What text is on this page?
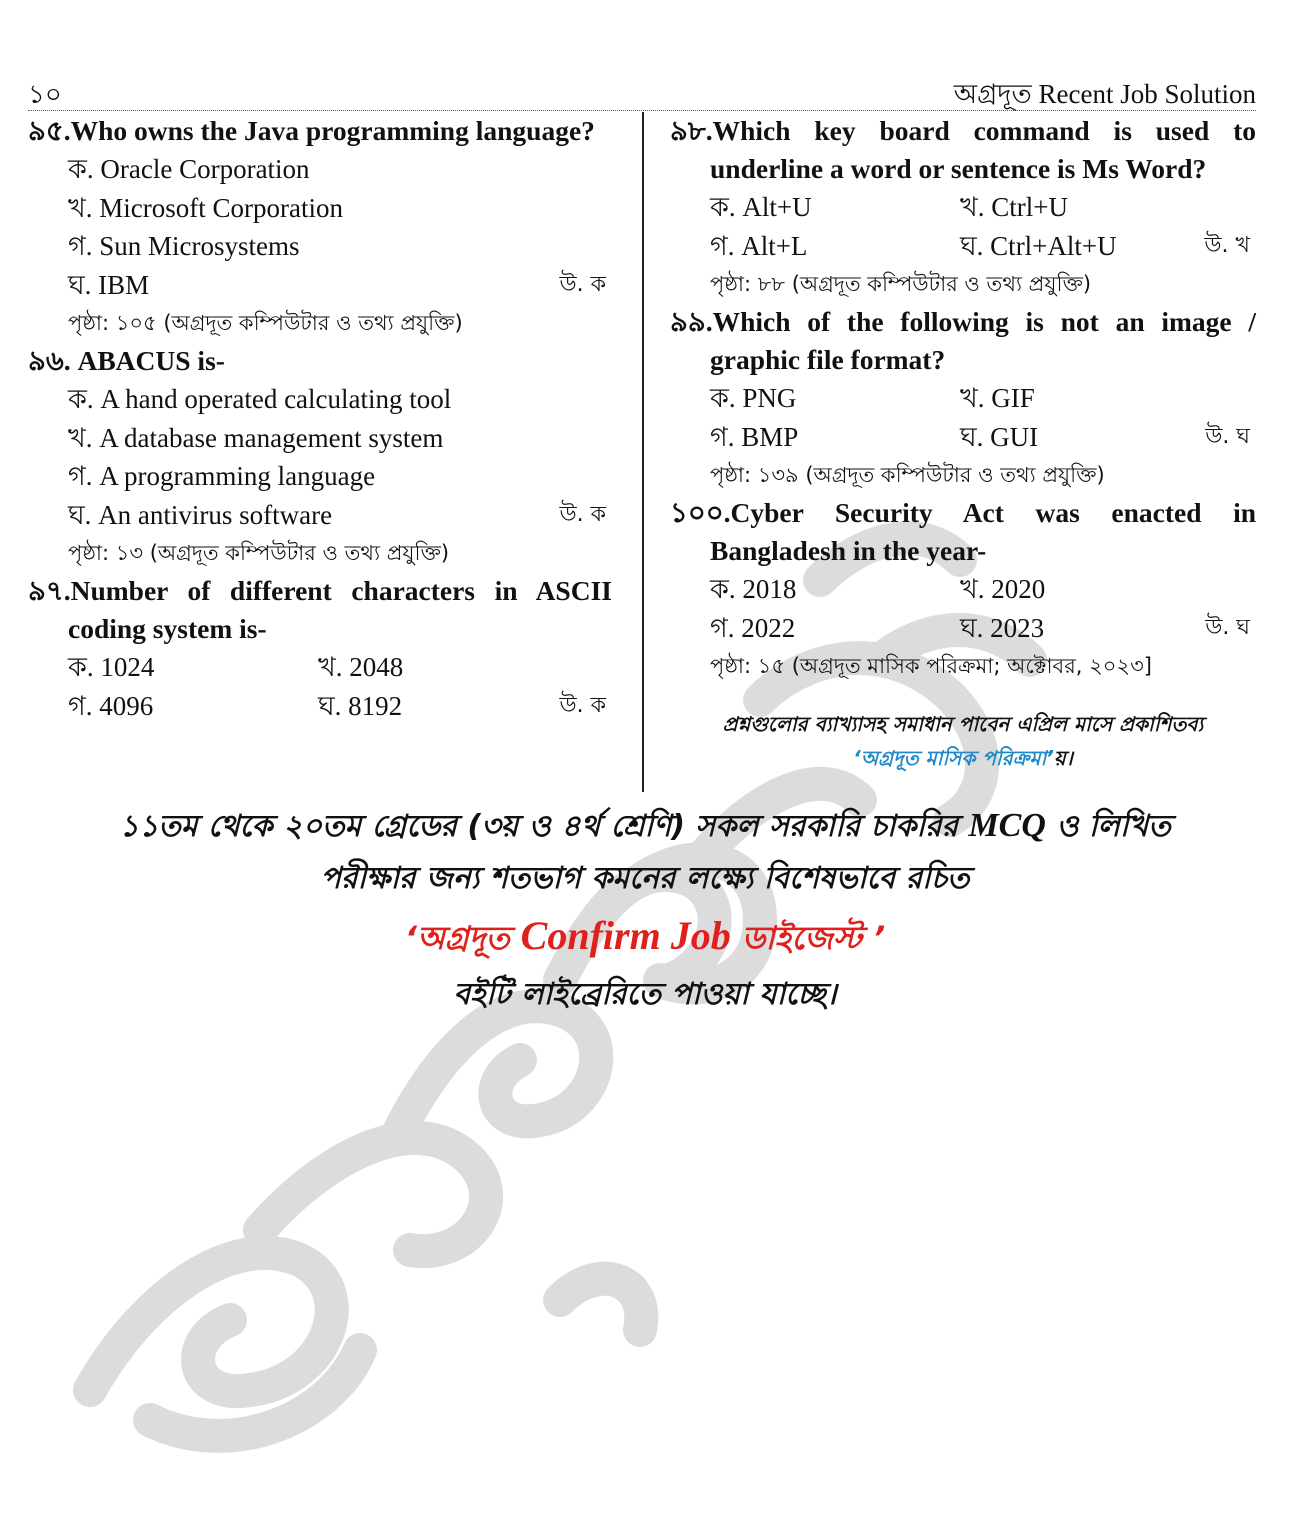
১০	অগ্রদূত Recent Job Solution
৯৫.Who owns the Java programming language?
ক. Oracle Corporation
খ. Microsoft Corporation
গ. Sun Microsystems
ঘ. IBM	উ. ক
পৃষ্ঠা: ১০৫ (অগ্রদূত কম্পিউটার ও তথ্য প্রযুক্তি)
৯৬. ABACUS is-
ক. A hand operated calculating tool
খ. A database management system
গ. A programming language
ঘ. An antivirus software	উ. ক
পৃষ্ঠা: ১৩ (অগ্রদূত কম্পিউটার ও তথ্য প্রযুক্তি)
৯৭.Number of different characters in ASCII coding system is-
ক. 1024	খ. 2048
গ. 4096	ঘ. 8192	উ. ক
৯৮.Which key board command is used to underline a word or sentence is Ms Word?
ক. Alt+U	খ. Ctrl+U
গ. Alt+L	ঘ. Ctrl+Alt+U	উ. খ
পৃষ্ঠা: ৮৮ (অগ্রদূত কম্পিউটার ও তথ্য প্রযুক্তি)
৯৯.Which of the following is not an image / graphic file format?
ক. PNG	খ. GIF
গ. BMP	ঘ. GUI	উ. ঘ
পৃষ্ঠা: ১৩৯ (অগ্রদূত কম্পিউটার ও তথ্য প্রযুক্তি)
১০০.Cyber Security Act was enacted in Bangladesh in the year-
ক. 2018	খ. 2020
গ. 2022	ঘ. 2023	উ. ঘ
পৃষ্ঠা: ১৫ (অগ্রদূত মাসিক পরিক্রমা; অক্টোবর, ২০২৩]
প্রশ্নগুলোর ব্যাখ্যাসহ সমাধান পাবেন এপ্রিল মাসে প্রকাশিতব্য
‘অগ্রদূত মাসিক পরিক্রমা’য়।
১১তম থেকে ২০তম গ্রেডের (৩য় ও ৪র্থ শ্রেণি) সকল সরকারি চাকরির MCQ ও লিখিত
পরীক্ষার জন্য শতভাগ কমনের লক্ষ্যে বিশেষভাবে রচিত
‘অগ্রদূত Confirm Job ডাইজেস্ট ’
বইটি লাইব্রেরিতে পাওয়া যাচ্ছে।
